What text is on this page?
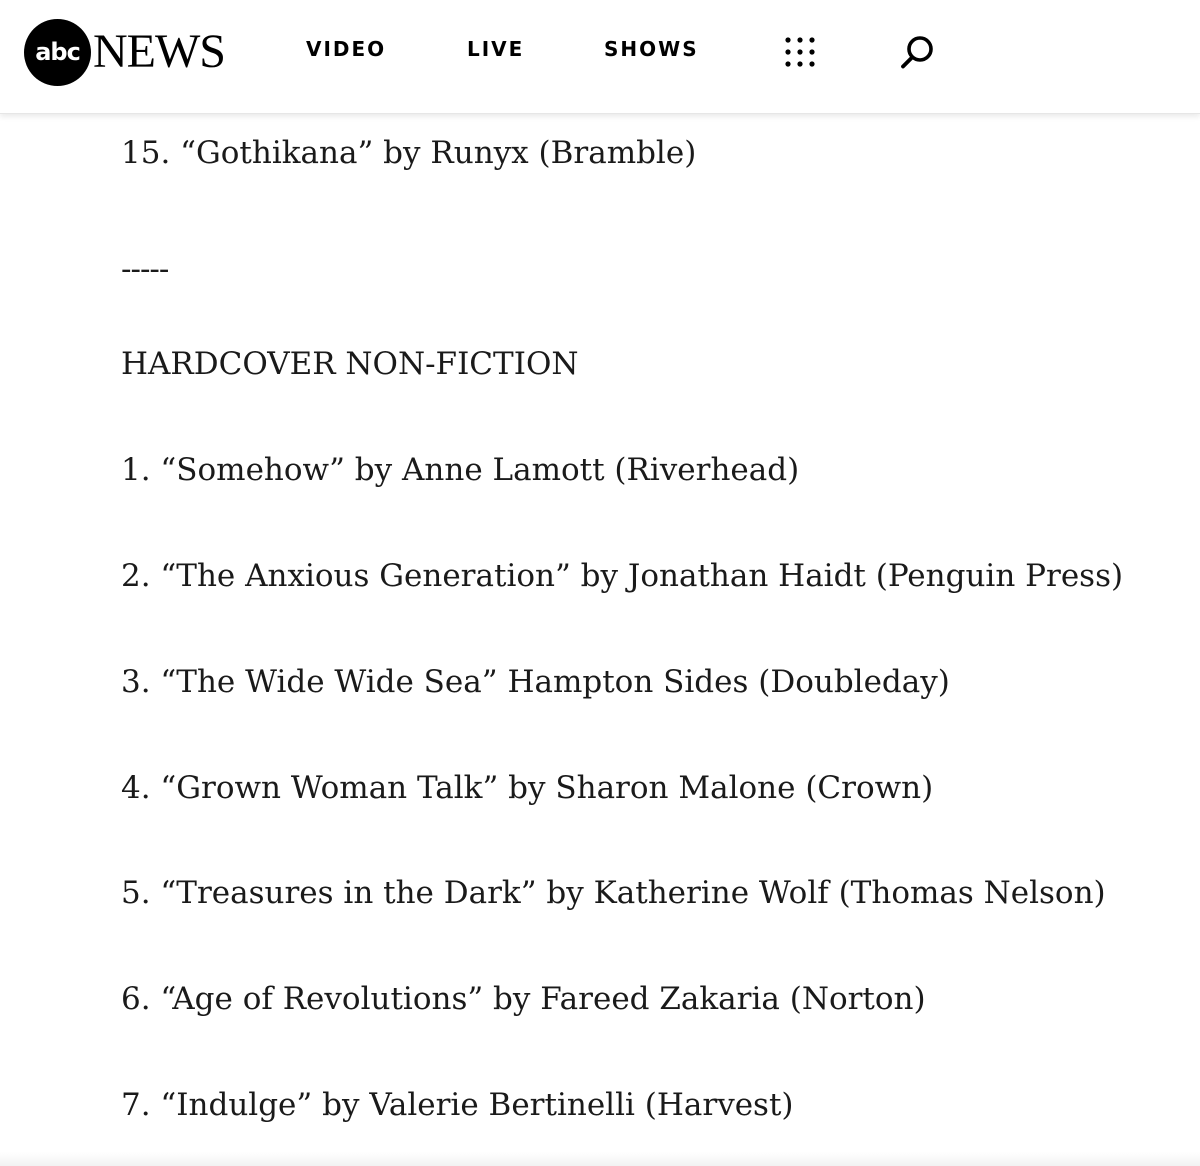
abc NEWS	VIDEO	LIVE	SHOWS
15. “Gothikana” by Runyx (Bramble)
-----
HARDCOVER NON-FICTION
1. “Somehow” by Anne Lamott (Riverhead)
2. “The Anxious Generation” by Jonathan Haidt (Penguin Press)
3. “The Wide Wide Sea” Hampton Sides (Doubleday)
4. “Grown Woman Talk” by Sharon Malone (Crown)
5. “Treasures in the Dark” by Katherine Wolf (Thomas Nelson)
6. “Age of Revolutions” by Fareed Zakaria (Norton)
7. “Indulge” by Valerie Bertinelli (Harvest)
